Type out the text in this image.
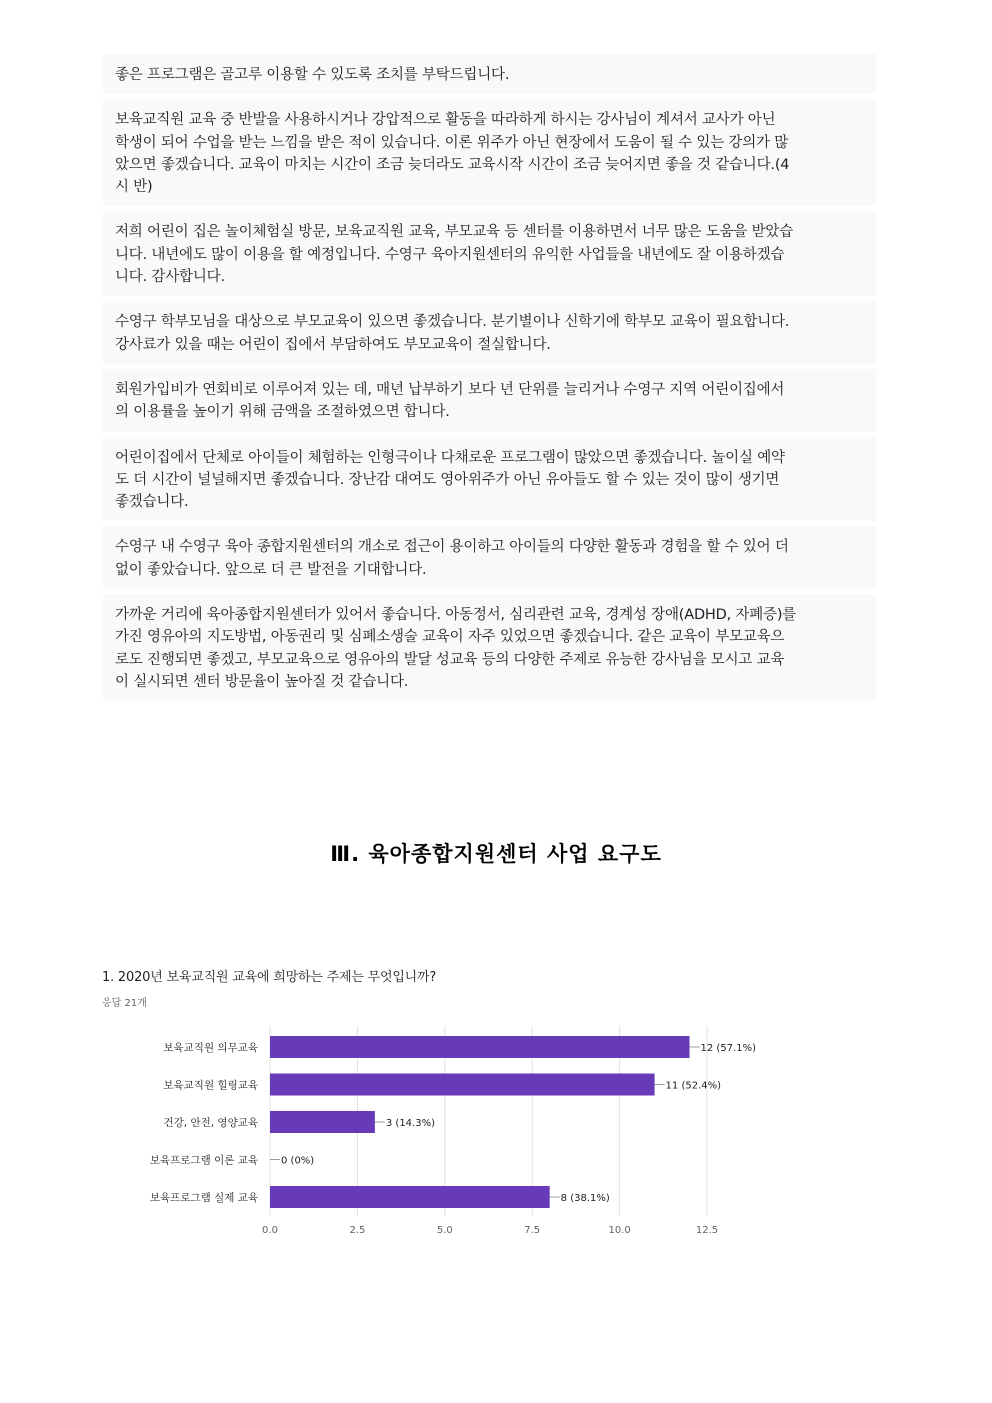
좋은 프로그램은 골고루 이용할 수 있도록 조치를 부탁드립니다.
보육교직원 교육 중 반발을 사용하시거나 강압적으로 활동을 따라하게 하시는 강사님이 계셔서 교사가 아닌
학생이 되어 수업을 받는 느낌을 받은 적이 있습니다. 이론 위주가 아닌 현장에서 도움이 될 수 있는 강의가 많
았으면 좋겠습니다. 교육이 마치는 시간이 조금 늦더라도 교육시작 시간이 조금 늦어지면 좋을 것 같습니다.(4
시 반)
저희 어린이 집은 놀이체험실 방문, 보육교직원 교육, 부모교육 등 센터를 이용하면서 너무 많은 도움을 받았습
니다. 내년에도 많이 이용을 할 예정입니다. 수영구 육아지원센터의 유익한 사업들을 내년에도 잘 이용하겠습
니다. 감사합니다.
수영구 학부모님을 대상으로 부모교육이 있으면 좋겠습니다. 분기별이나 신학기에 학부모 교육이 필요합니다.
강사료가 있을 때는 어린이 집에서 부담하여도 부모교육이 절실합니다.
회원가입비가 연회비로 이루어져 있는 데, 매년 납부하기 보다 년 단위를 늘리거나 수영구 지역 어린이집에서
의 이용률을 높이기 위해 금액을 조절하였으면 합니다.
어린이집에서 단체로 아이들이 체험하는 인형극이나 다채로운 프로그램이 많았으면 좋겠습니다. 놀이실 예약
도 더 시간이 널널해지면 좋겠습니다. 장난감 대여도 영아위주가 아닌 유아들도 할 수 있는 것이 많이 생기면
좋겠습니다.
수영구 내 수영구 육아 종합지원센터의 개소로 접근이 용이하고 아이들의 다양한 활동과 경험을 할 수 있어 더
없이 좋았습니다. 앞으로 더 큰 발전을 기대합니다.
가까운 거리에 육아종합지원센터가 있어서 좋습니다. 아동정서, 심리관련 교육, 경계성 장애(ADHD, 자폐증)를
가진 영유아의 지도방법, 아동권리 및 심폐소생술 교육이 자주 있었으면 좋겠습니다. 같은 교육이 부모교육으
로도 진행되면 좋겠고, 부모교육으로 영유아의 발달 성교육 등의 다양한 주제로 유능한 강사님을 모시고 교육
이 실시되면 센터 방문율이 높아질 것 같습니다.
Ⅲ. 육아종합지원센터 사업 요구도
1. 2020년 보육교직원 교육에 희망하는 주제는 무엇입니까?
응답 21개
0.0	2.5	5.0	7.5	10.0	12.5
보육교직원 의무교육	12 (57.1%)
보육교직원 힐링교육	11 (52.4%)
건강, 안전, 영양교육	3 (14.3%)
보육프로그램 이론 교육 0 (0%)
보육프로그램 실제 교육	8 (38.1%)
